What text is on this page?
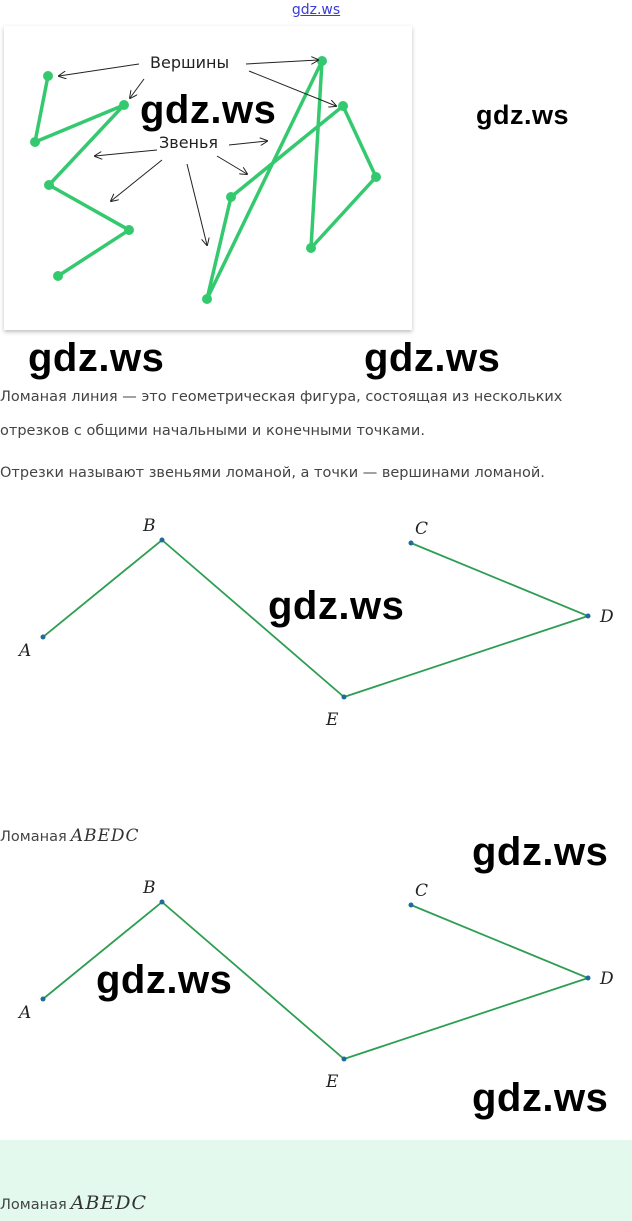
gdz.ws
Вершины
Звенья
gdz.ws	gdz.ws
gdz.ws	gdz.ws
Ломаная линия — это геометрическая фигура, состоящая из нескольких
отрезков с общими начальными и конечными точками.
Отрезки называют звеньями ломаной, а точки — вершинами ломаной.
A
B
E
D
C
gdz.ws
Ломаная ABEDC	gdz.ws
A
B
E
D
C
gdz.ws
gdz.ws
Ломаная ABEDC
